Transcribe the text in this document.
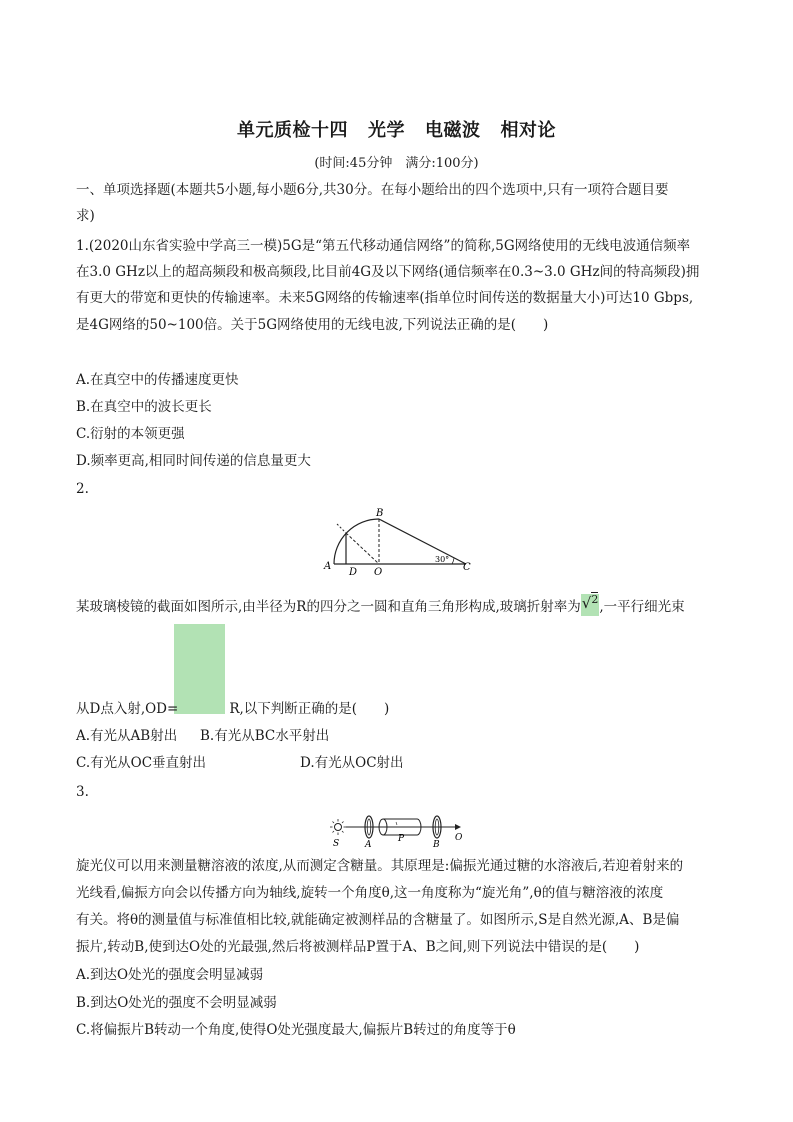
单元质检十四 光学 电磁波 相对论
(时间:45分钟　满分:100分)
一、单项选择题(本题共5小题,每小题6分,共30分。在每小题给出的四个选项中,只有一项符合题目要
求)
1.(2020山东省实验中学高三一模)5G是“第五代移动通信网络”的简称,5G网络使用的无线电波通信频率
在3.0 GHz以上的超高频段和极高频段,比目前4G及以下网络(通信频率在0.3~3.0 GHz间的特高频段)拥
有更大的带宽和更快的传输速率。未来5G网络的传输速率(指单位时间传送的数据量大小)可达10 Gbps,
是4G网络的50~100倍。关于5G网络使用的无线电波,下列说法正确的是(　　)
A.在真空中的传播速度更快
B.在真空中的波长更长
C.衍射的本领更强
D.频率更高,相同时间传递的信息量更大
2.
A
B
C
D O
30°
某玻璃棱镜的截面如图所示,由半径为R的四分之一圆和直角三角形构成,玻璃折射率为√$^2$,一平行细光束
从D点入射,OD=	R,以下判断正确的是(　　)
A.有光从AB射出 B.有光从BC水平射出
C.有光从OC垂直射出	D.有光从OC射出
3.
S	A
P
B
O
旋光仪可以用来测量糖溶液的浓度,从而测定含糖量。其原理是:偏振光通过糖的水溶液后,若迎着射来的
光线看,偏振方向会以传播方向为轴线,旋转一个角度θ,这一角度称为“旋光角”,θ的值与糖溶液的浓度
有关。将θ的测量值与标准值相比较,就能确定被测样品的含糖量了。如图所示,S是自然光源,A、B是偏
振片,转动B,使到达O处的光最强,然后将被测样品P置于A、B之间,则下列说法中错误的是(　　)
A.到达O处光的强度会明显减弱
B.到达O处光的强度不会明显减弱
C.将偏振片B转动一个角度,使得O处光强度最大,偏振片B转过的角度等于θ
